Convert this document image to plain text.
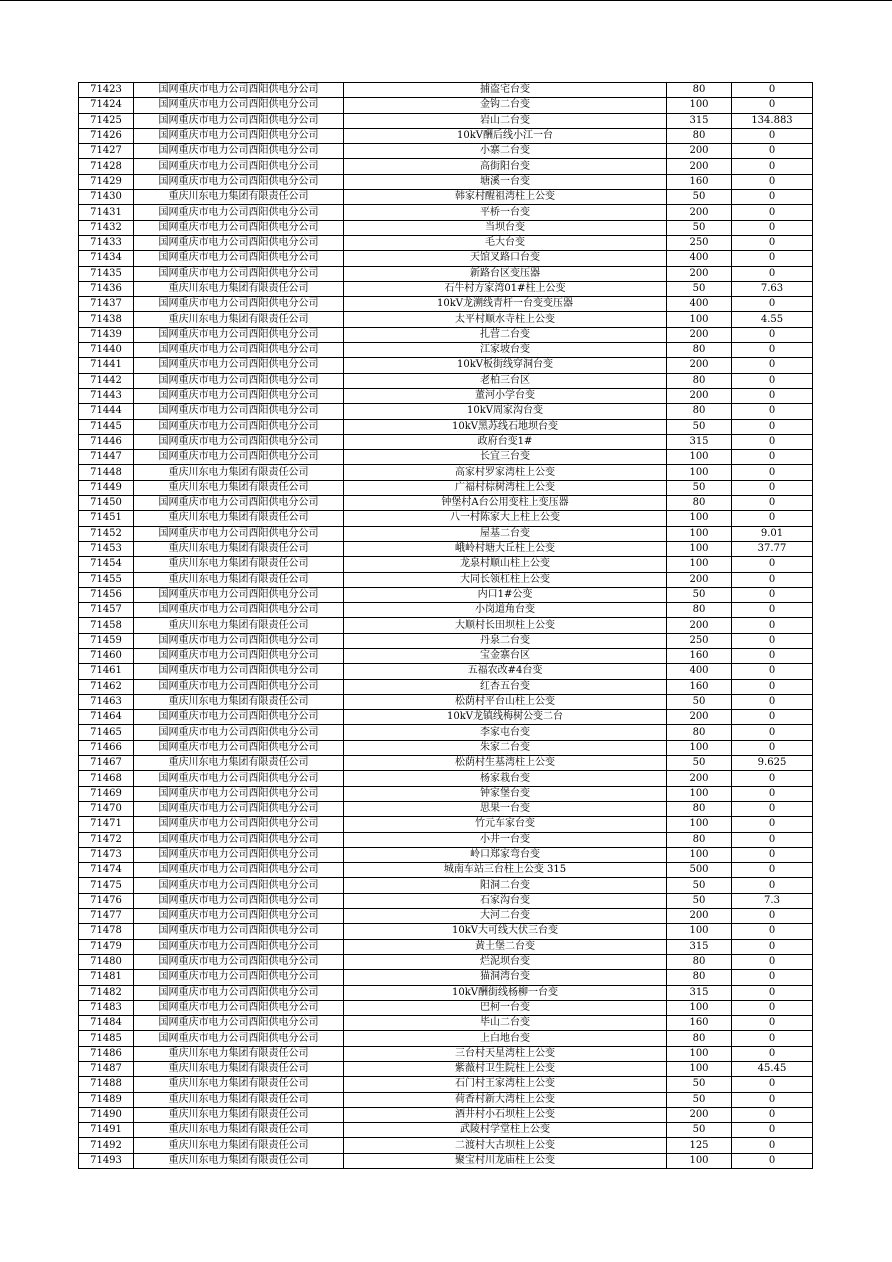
71423	国网重庆市电力公司酉阳供电分公司	捕盗宅台变	80	0
71424	国网重庆市电力公司酉阳供电分公司	金钩二台变	100	0
71425	国网重庆市电力公司酉阳供电分公司	岩山二台变	315	134.883
71426	国网重庆市电力公司酉阳供电分公司	10kV酬后线小江一台	80	0
71427	国网重庆市电力公司酉阳供电分公司	小寨二台变	200	0
71428	国网重庆市电力公司酉阳供电分公司	高街阳台变	200	0
71429	国网重庆市电力公司酉阳供电分公司	塘溪一台变	160	0
71430	重庆川东电力集团有限责任公司	韩家村醒祖湾柱上公变	50	0
71431	国网重庆市电力公司酉阳供电分公司	平桥一台变	200	0
71432	国网重庆市电力公司酉阳供电分公司	当坝台变	50	0
71433	国网重庆市电力公司酉阳供电分公司	毛大台变	250	0
71434	国网重庆市电力公司酉阳供电分公司	天馆叉路口台变	400	0
71435	国网重庆市电力公司酉阳供电分公司	新路台区变压器	200	0
71436	重庆川东电力集团有限责任公司	石牛村方家湾01#柱上公变	50	7.63
71437	国网重庆市电力公司酉阳供电分公司	10kV龙溯线青杆一台变变压器	400	0
71438	重庆川东电力集团有限责任公司	太平村顺水寺柱上公变	100	4.55
71439	国网重庆市电力公司酉阳供电分公司	扎营二台变	200	0
71440	国网重庆市电力公司酉阳供电分公司	江家坡台变	80	0
71441	国网重庆市电力公司酉阳供电分公司	10kV板街线穿洞台变	200	0
71442	国网重庆市电力公司酉阳供电分公司	老柏三台区	80	0
71443	国网重庆市电力公司酉阳供电分公司	董河小学台变	200	0
71444	国网重庆市电力公司酉阳供电分公司	10kV周家沟台变	80	0
71445	国网重庆市电力公司酉阳供电分公司	10kV黑苏线石地坝台变	50	0
71446	国网重庆市电力公司酉阳供电分公司	政府台变1#	315	0
71447	国网重庆市电力公司酉阳供电分公司	长宜三台变	100	0
71448	重庆川东电力集团有限责任公司	高家村罗家湾柱上公变	100	0
71449	重庆川东电力集团有限责任公司	广福村棕树湾柱上公变	50	0
71450	国网重庆市电力公司酉阳供电分公司	钟堡村A台公用变柱上变压器	80	0
71451	重庆川东电力集团有限责任公司	八一村陈家大上柱上公变	100	0
71452	国网重庆市电力公司酉阳供电分公司	屋基二台变	100	9.01
71453	重庆川东电力集团有限责任公司	峨岭村塘大丘柱上公变	100	37.77
71454	重庆川东电力集团有限责任公司	龙泉村顺山柱上公变	100	0
71455	重庆川东电力集团有限责任公司	大同长领杠柱上公变	200	0
71456	国网重庆市电力公司酉阳供电分公司	内口1#公变	50	0
71457	国网重庆市电力公司酉阳供电分公司	小岗道角台变	80	0
71458	重庆川东电力集团有限责任公司	大顺村长田坝柱上公变	200	0
71459	国网重庆市电力公司酉阳供电分公司	丹泉二台变	250	0
71460	国网重庆市电力公司酉阳供电分公司	宝金寨台区	160	0
71461	国网重庆市电力公司酉阳供电分公司	五福农改#4台变	400	0
71462	国网重庆市电力公司酉阳供电分公司	红杏五台变	160	0
71463	重庆川东电力集团有限责任公司	松荫村平台山柱上公变	50	0
71464	国网重庆市电力公司酉阳供电分公司	10kV龙镇线梅树公变二台	200	0
71465	国网重庆市电力公司酉阳供电分公司	李家屯台变	80	0
71466	国网重庆市电力公司酉阳供电分公司	朱家二台变	100	0
71467	重庆川东电力集团有限责任公司	松荫村生基湾柱上公变	50	9.625
71468	国网重庆市电力公司酉阳供电分公司	杨家栽台变	200	0
71469	国网重庆市电力公司酉阳供电分公司	钟家堡台变	100	0
71470	国网重庆市电力公司酉阳供电分公司	思果一台变	80	0
71471	国网重庆市电力公司酉阳供电分公司	竹元车家台变	100	0
71472	国网重庆市电力公司酉阳供电分公司	小井一台变	80	0
71473	国网重庆市电力公司酉阳供电分公司	岭口郑家弯台变	100	0
71474	国网重庆市电力公司酉阳供电分公司	城南车站三台柱上公变 315	500	0
71475	国网重庆市电力公司酉阳供电分公司	阳洞二台变	50	0
71476	国网重庆市电力公司酉阳供电分公司	石家沟台变	50	7.3
71477	国网重庆市电力公司酉阳供电分公司	大河二台变	200	0
71478	国网重庆市电力公司酉阳供电分公司	10kV大可线大伏三台变	100	0
71479	国网重庆市电力公司酉阳供电分公司	黄土堡二台变	315	0
71480	国网重庆市电力公司酉阳供电分公司	烂泥坝台变	80	0
71481	国网重庆市电力公司酉阳供电分公司	猫洞湾台变	80	0
71482	国网重庆市电力公司酉阳供电分公司	10kV酬街线杨柳一台变	315	0
71483	国网重庆市电力公司酉阳供电分公司	巴柯一台变	100	0
71484	国网重庆市电力公司酉阳供电分公司	毕山二台变	160	0
71485	国网重庆市电力公司酉阳供电分公司	上白地台变	80	0
71486	重庆川东电力集团有限责任公司	三台村天星湾柱上公变	100	0
71487	重庆川东电力集团有限责任公司	紫薇村卫生院柱上公变	100	45.45
71488	重庆川东电力集团有限责任公司	石门村王家湾柱上公变	50	0
71489	重庆川东电力集团有限责任公司	荷香村新大湾柱上公变	50	0
71490	重庆川东电力集团有限责任公司	酒井村小石坝柱上公变	200	0
71491	重庆川东电力集团有限责任公司	武陵村学堂柱上公变	50	0
71492	重庆川东电力集团有限责任公司	二渡村大古坝柱上公变	125	0
71493	重庆川东电力集团有限责任公司	聚宝村川龙庙柱上公变	100	0
